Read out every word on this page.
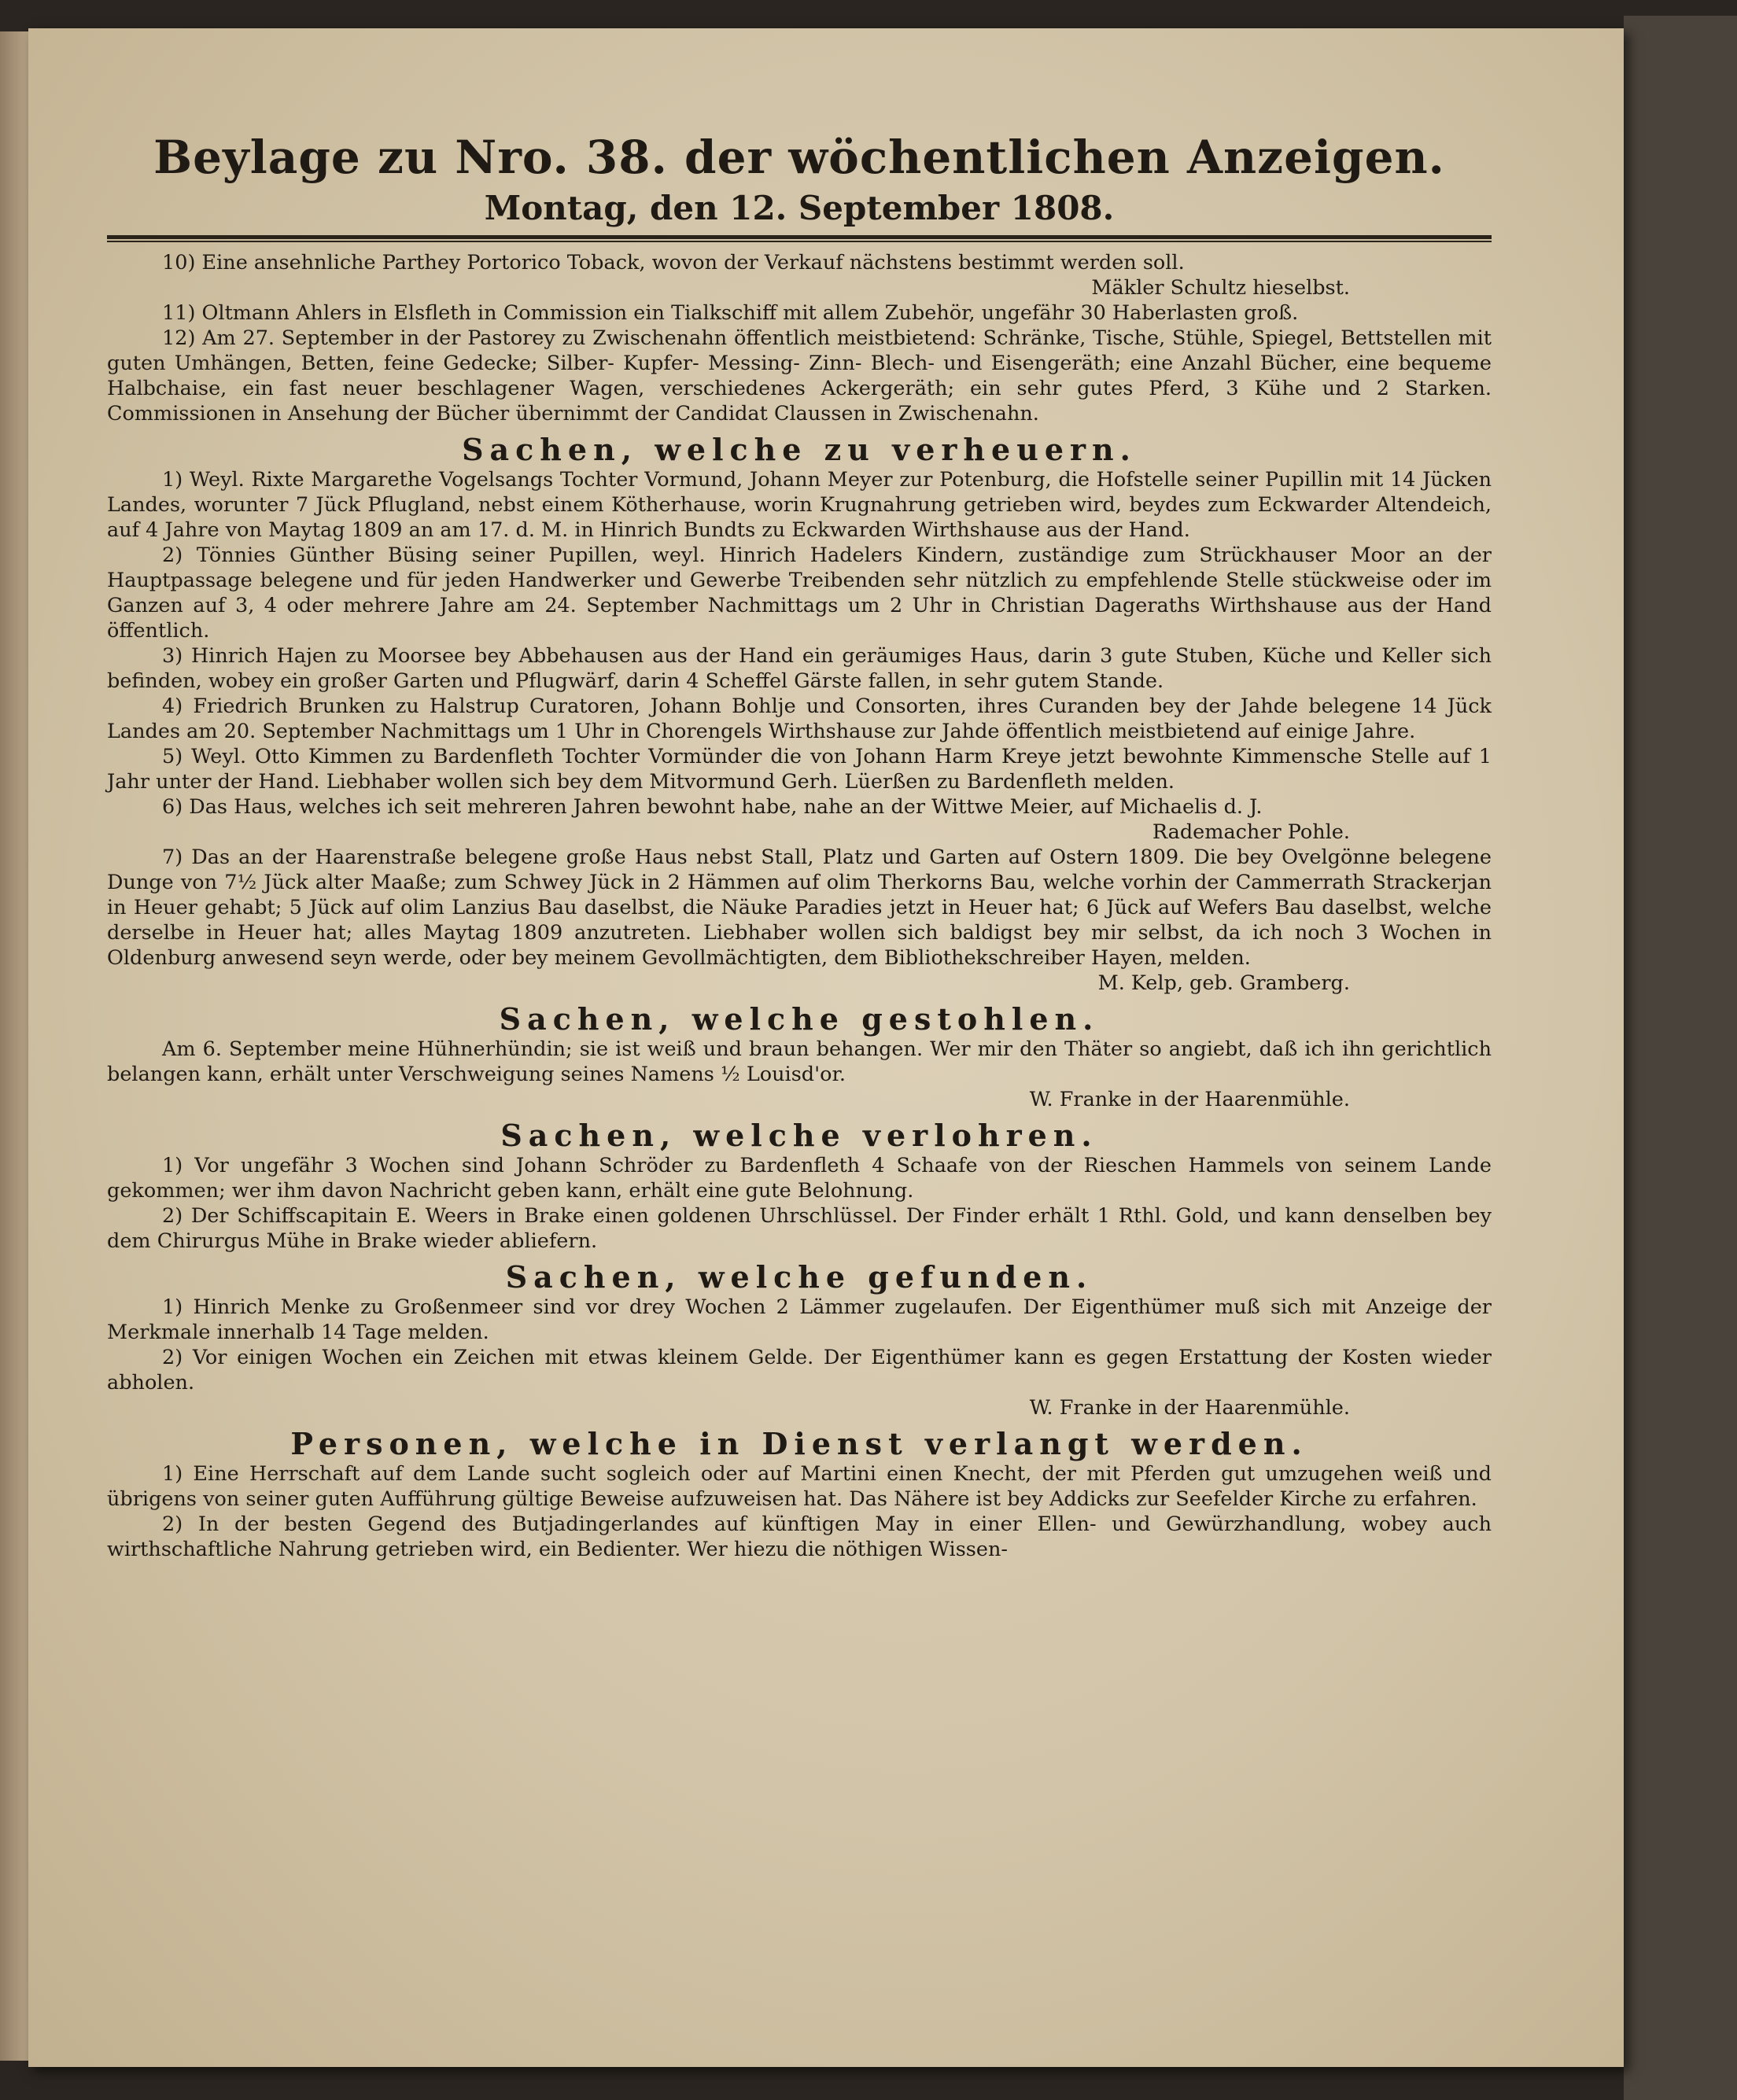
Beylage zu Nro. 38. der wöchentlichen Anzeigen.
Montag, den 12. September 1808.

10) Eine ansehnliche Parthey Portorico Toback, wovon der Verkauf nächstens bestimmt werden soll.

Mäkler Schultz hieselbst.

11) Oltmann Ahlers in Elsfleth in Commission ein Tialkschiff mit allem Zubehör, ungefähr 30 Haberlasten groß.

12) Am 27. September in der Pastorey zu Zwischenahn öffentlich meistbietend: Schränke, Tische, Stühle, Spiegel, Bettstellen mit guten Umhängen, Betten, feine Gedecke; Silber- Kupfer- Messing- Zinn- Blech- und Eisengeräth; eine Anzahl Bücher, eine bequeme Halbchaise, ein fast neuer beschlagener Wagen, verschiedenes Ackergeräth; ein sehr gutes Pferd, 3 Kühe und 2 Starken. Commissionen in Ansehung der Bücher übernimmt der Candidat Claussen in Zwischenahn.

Sachen, welche zu verheuern.

1) Weyl. Rixte Margarethe Vogelsangs Tochter Vormund, Johann Meyer zur Potenburg, die Hofstelle seiner Pupillin mit 14 Jücken Landes, worunter 7 Jück Pflugland, nebst einem Kötherhause, worin Krugnahrung getrieben wird, beydes zum Eckwarder Altendeich, auf 4 Jahre von Maytag 1809 an am 17. d. M. in Hinrich Bundts zu Eckwarden Wirthshause aus der Hand.

2) Tönnies Günther Büsing seiner Pupillen, weyl. Hinrich Hadelers Kindern, zuständige zum Strückhauser Moor an der Hauptpassage belegene und für jeden Handwerker und Gewerbe Treibenden sehr nützlich zu empfehlende Stelle stückweise oder im Ganzen auf 3, 4 oder mehrere Jahre am 24. September Nachmittags um 2 Uhr in Christian Dageraths Wirthshause aus der Hand öffentlich.

3) Hinrich Hajen zu Moorsee bey Abbehausen aus der Hand ein geräumiges Haus, darin 3 gute Stuben, Küche und Keller sich befinden, wobey ein großer Garten und Pflugwärf, darin 4 Scheffel Gärste fallen, in sehr gutem Stande.

4) Friedrich Brunken zu Halstrup Curatoren, Johann Bohlje und Consorten, ihres Curanden bey der Jahde belegene 14 Jück Landes am 20. September Nachmittags um 1 Uhr in Chorengels Wirthshause zur Jahde öffentlich meistbietend auf einige Jahre.

5) Weyl. Otto Kimmen zu Bardenfleth Tochter Vormünder die von Johann Harm Kreye jetzt bewohnte Kimmensche Stelle auf 1 Jahr unter der Hand. Liebhaber wollen sich bey dem Mitvormund Gerh. Lüerßen zu Bardenfleth melden.

6) Das Haus, welches ich seit mehreren Jahren bewohnt habe, nahe an der Wittwe Meier, auf Michaelis d. J.

Rademacher Pohle.

7) Das an der Haarenstraße belegene große Haus nebst Stall, Platz und Garten auf Ostern 1809. Die bey Ovelgönne belegene Dunge von 7½ Jück alter Maaße; zum Schwey Jück in 2 Hämmen auf olim Therkorns Bau, welche vorhin der Cammerrath Strackerjan in Heuer gehabt; 5 Jück auf olim Lanzius Bau daselbst, die Näuke Paradies jetzt in Heuer hat; 6 Jück auf Wefers Bau daselbst, welche derselbe in Heuer hat; alles Maytag 1809 anzutreten. Liebhaber wollen sich baldigst bey mir selbst, da ich noch 3 Wochen in Oldenburg anwesend seyn werde, oder bey meinem Gevollmächtigten, dem Bibliothekschreiber Hayen, melden.

M. Kelp, geb. Gramberg.
Sachen, welche gestohlen.

Am 6. September meine Hühnerhündin; sie ist weiß und braun behangen. Wer mir den Thäter so angiebt, daß ich ihn gerichtlich belangen kann, erhält unter Verschweigung seines Namens ½ Louisd'or.

W. Franke in der Haarenmühle.
Sachen, welche verlohren.

1) Vor ungefähr 3 Wochen sind Johann Schröder zu Bardenfleth 4 Schaafe von der Rieschen Hammels von seinem Lande gekommen; wer ihm davon Nachricht geben kann, erhält eine gute Belohnung.

2) Der Schiffscapitain E. Weers in Brake einen goldenen Uhrschlüssel. Der Finder erhält 1 Rthl. Gold, und kann denselben bey dem Chirurgus Mühe in Brake wieder abliefern.

Sachen, welche gefunden.

1) Hinrich Menke zu Großenmeer sind vor drey Wochen 2 Lämmer zugelaufen. Der Eigenthümer muß sich mit Anzeige der Merkmale innerhalb 14 Tage melden.

2) Vor einigen Wochen ein Zeichen mit etwas kleinem Gelde. Der Eigenthümer kann es gegen Erstattung der Kosten wieder abholen.

W. Franke in der Haarenmühle.
Personen, welche in Dienst verlangt werden.

1) Eine Herrschaft auf dem Lande sucht sogleich oder auf Martini einen Knecht, der mit Pferden gut umzugehen weiß und übrigens von seiner guten Aufführung gültige Beweise aufzuweisen hat. Das Nähere ist bey Addicks zur Seefelder Kirche zu erfahren.

2) In der besten Gegend des Butjadingerlandes auf künftigen May in einer Ellen- und Gewürzhandlung, wobey auch wirthschaftliche Nahrung getrieben wird, ein Bedienter. Wer hiezu die nöthigen Wissen-
